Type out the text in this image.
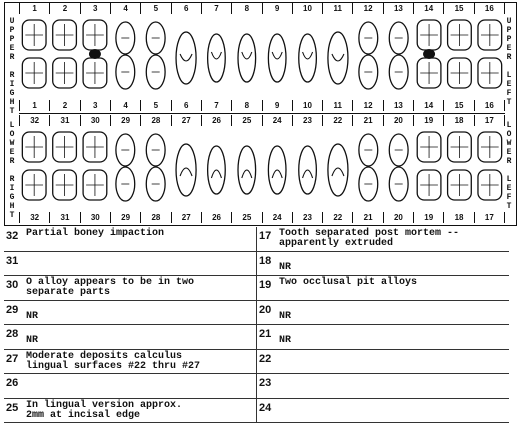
U
P
P
E
R

R
I
G
H
T
U
P
P
E
R

L
E
F
T
L
O
W
E
R

R
I
G
H
T
L
O
W
E
R

L
E
F
T
1	2	3	4	5	6	7	8	9	10	11	12	13	14	15	16
1	2	3	4	5	6	7	8	9	10	11	12	13	14	15	16
32	31	30	29	28	27	26	25	24	23	22	21	20	19	18	17
32	31	30	29	28	27	26	25	24	23	22	21	20	19	18	17
32 Partial boney impaction
31
30 O alloy appears to be in two
separate parts
29
NR
28
NR
27 Moderate deposits calculus
lingual surfaces #22 thru #27
26
25 In lingual version approx.
2mm at incisal edge
17 Tooth separated post mortem --
apparently extruded
18
NR
19 Two occlusal pit alloys
20
NR
21
NR
22
23
24
